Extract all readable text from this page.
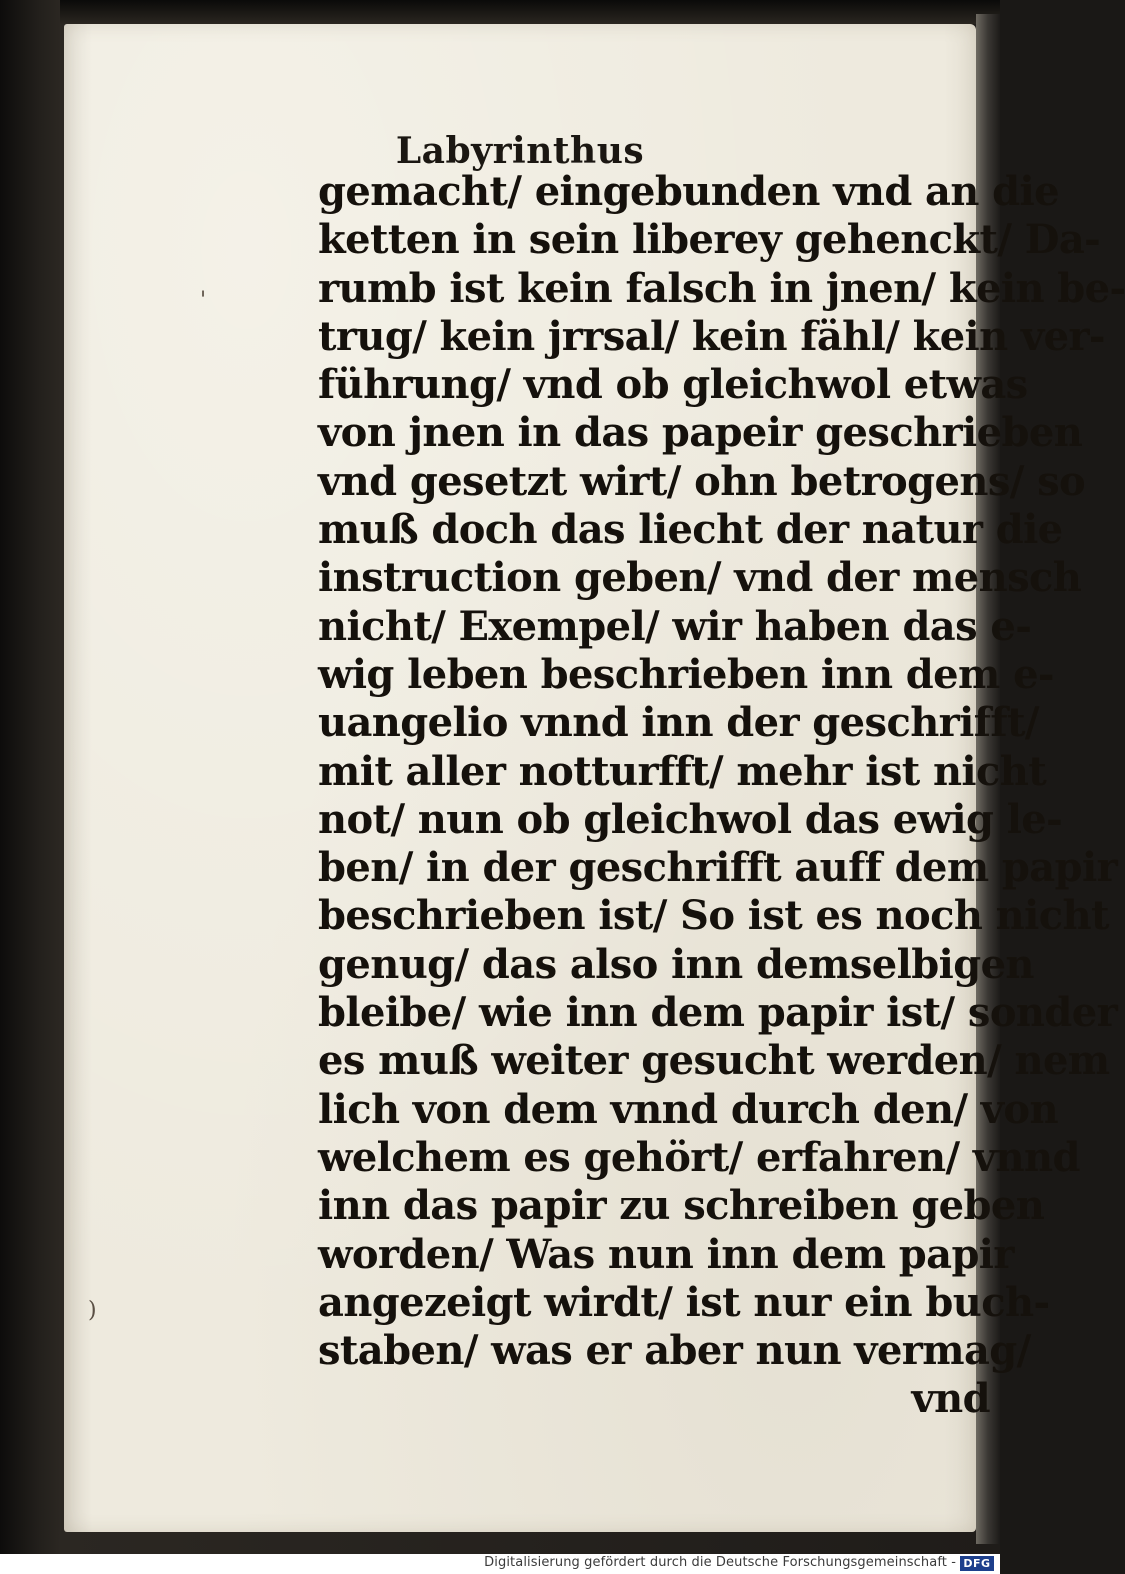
Labyrinthus
gemacht/ eingebunden vnd an die
ketten in sein liberey gehenckt/ Da-
rumb ist kein falsch in jnen/ kein be-
trug/ kein jrrsal/ kein fähl/ kein ver-
führung/ vnd ob gleichwol etwas
von jnen in das papeir geschrieben
vnd gesetzt wirt/ ohn betrogens/ so
muß doch das liecht der natur die
instruction geben/ vnd der mensch
nicht/ Exempel/ wir haben das e-
wig leben beschrieben inn dem e-
uangelio vnnd inn der geschrifft/
mit aller notturfft/ mehr ist nicht
not/ nun ob gleichwol das ewig le-
ben/ in der geschrifft auff dem papir
beschrieben ist/ So ist es noch nicht
genug/ das also inn demselbigen
bleibe/ wie inn dem papir ist/ sonder
es muß weiter gesucht werden/ nem
lich von dem vnnd durch den/ von
welchem es gehört/ erfahren/ vnnd
inn das papir zu schreiben geben
worden/ Was nun inn dem papir
angezeigt wirdt/ ist nur ein buch-
staben/ was er aber nun vermag/
vnd
'
)
Digitalisierung gefördert durch die Deutsche Forschungsgemeinschaft - DFG
